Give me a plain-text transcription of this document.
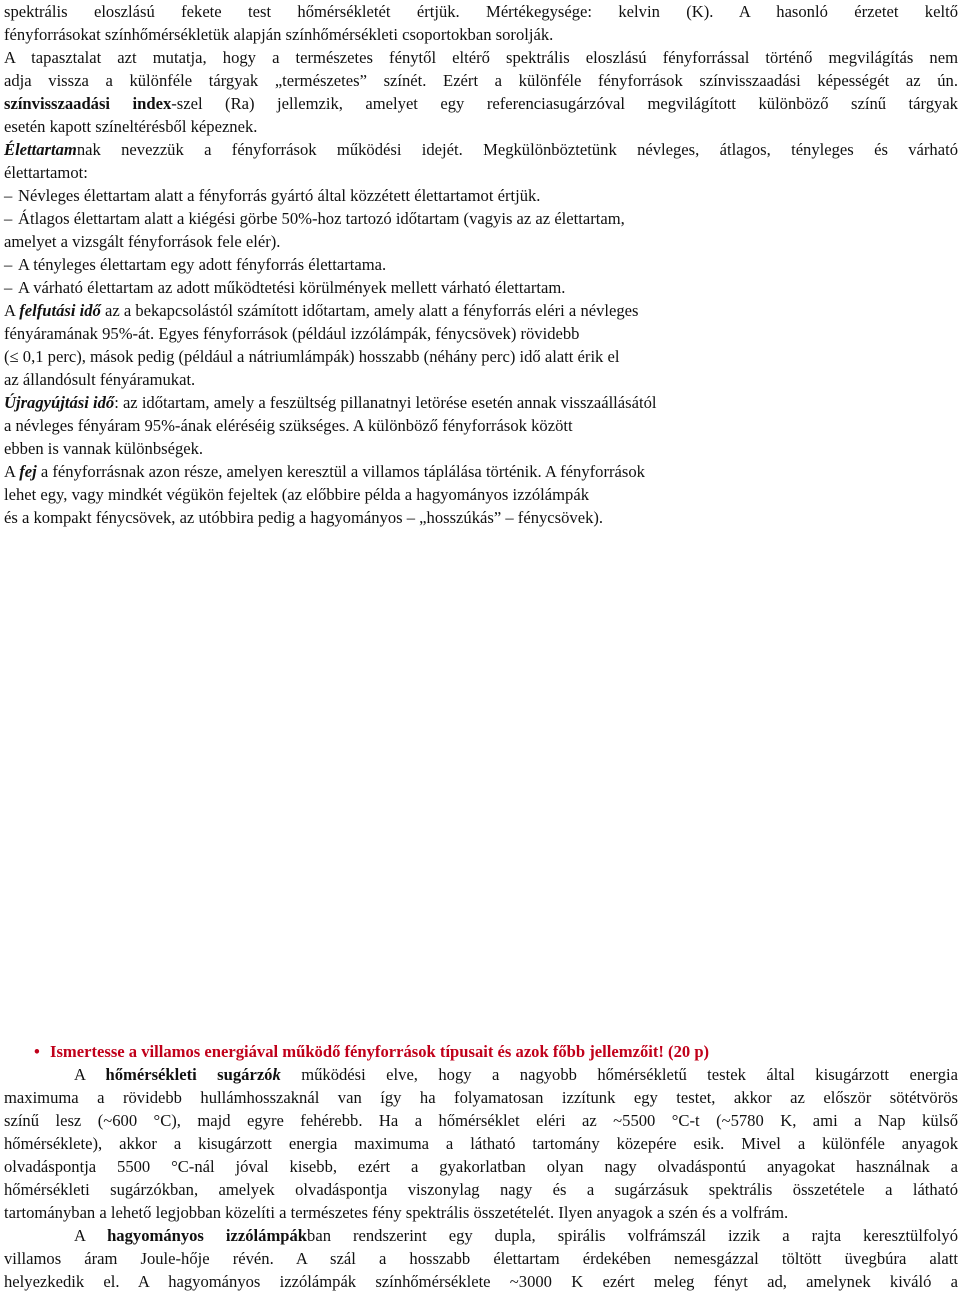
spektrális eloszlású fekete test hőmérsékletét értjük. Mértékegysége: kelvin (K). A hasonló érzetet keltő
fényforrásokat színhőmérsékletük alapján színhőmérsékleti csoportokban sorolják.
A tapasztalat azt mutatja, hogy a természetes fénytől eltérő spektrális eloszlású fényforrással történő megvilágítás nem
adja vissza a különféle tárgyak „természetes” színét. Ezért a különféle fényforrások színvisszaadási képességét az ún.
színvisszaadási index-szel (Ra) jellemzik, amelyet egy referenciasugárzóval megvilágított különböző színű tárgyak
esetén kapott színeltérésből képeznek.
Élettartamnak nevezzük a fényforrások működési idejét. Megkülönböztetünk névleges, átlagos, tényleges és várható
élettartamot:
– Névleges élettartam alatt a fényforrás gyártó által közzétett élettartamot értjük.
– Átlagos élettartam alatt a kiégési görbe 50%-hoz tartozó időtartam (vagyis az az élettartam,
amelyet a vizsgált fényforrások fele elér).
– A tényleges élettartam egy adott fényforrás élettartama.
– A várható élettartam az adott működtetési körülmények mellett várható élettartam.
A felfutási idő az a bekapcsolástól számított időtartam, amely alatt a fényforrás eléri a névleges
fényáramának 95%-át. Egyes fényforrások (például izzólámpák, fénycsövek) rövidebb
(≤ 0,1 perc), mások pedig (például a nátriumlámpák) hosszabb (néhány perc) idő alatt érik el
az állandósult fényáramukat.
Újragyújtási idő: az időtartam, amely a feszültség pillanatnyi letörése esetén annak visszaállásától
a névleges fényáram 95%-ának eléréséig szükséges. A különböző fényforrások között
ebben is vannak különbségek.
A fej a fényforrásnak azon része, amelyen keresztül a villamos táplálása történik. A fényforrások
lehet egy, vagy mindkét végükön fejeltek (az előbbire példa a hagyományos izzólámpák
és a kompakt fénycsövek, az utóbbira pedig a hagyományos – „hosszúkás” – fénycsövek).
• Ismertesse a villamos energiával működő fényforrások típusait és azok főbb jellemzőit! (20 p)
A hőmérsékleti sugárzók működési elve, hogy a nagyobb hőmérsékletű testek által kisugárzott energia
maximuma a rövidebb hullámhosszaknál van így ha folyamatosan izzítunk egy testet, akkor az először sötétvörös
színű lesz (~600 °C), majd egyre fehérebb. Ha a hőmérséklet eléri az ~5500 °C-t (~5780 K, ami a Nap külső
hőmérséklete), akkor a kisugárzott energia maximuma a látható tartomány közepére esik. Mivel a különféle anyagok
olvadáspontja 5500 °C-nál jóval kisebb, ezért a gyakorlatban olyan nagy olvadáspontú anyagokat használnak a
hőmérsékleti sugárzókban, amelyek olvadáspontja viszonylag nagy és a sugárzásuk spektrális összetétele a látható
tartományban a lehető legjobban közelíti a természetes fény spektrális összetételét. Ilyen anyagok a szén és a volfrám.
A hagyományos izzólámpákban rendszerint egy dupla, spirális volfrámszál izzik a rajta keresztülfolyó
villamos áram Joule-hője révén. A szál a hosszabb élettartam érdekében nemesgázzal töltött üvegbúra alatt
helyezkedik el. A hagyományos izzólámpák színhőmérséklete ~3000 K ezért meleg fényt ad, amelynek kiváló a
